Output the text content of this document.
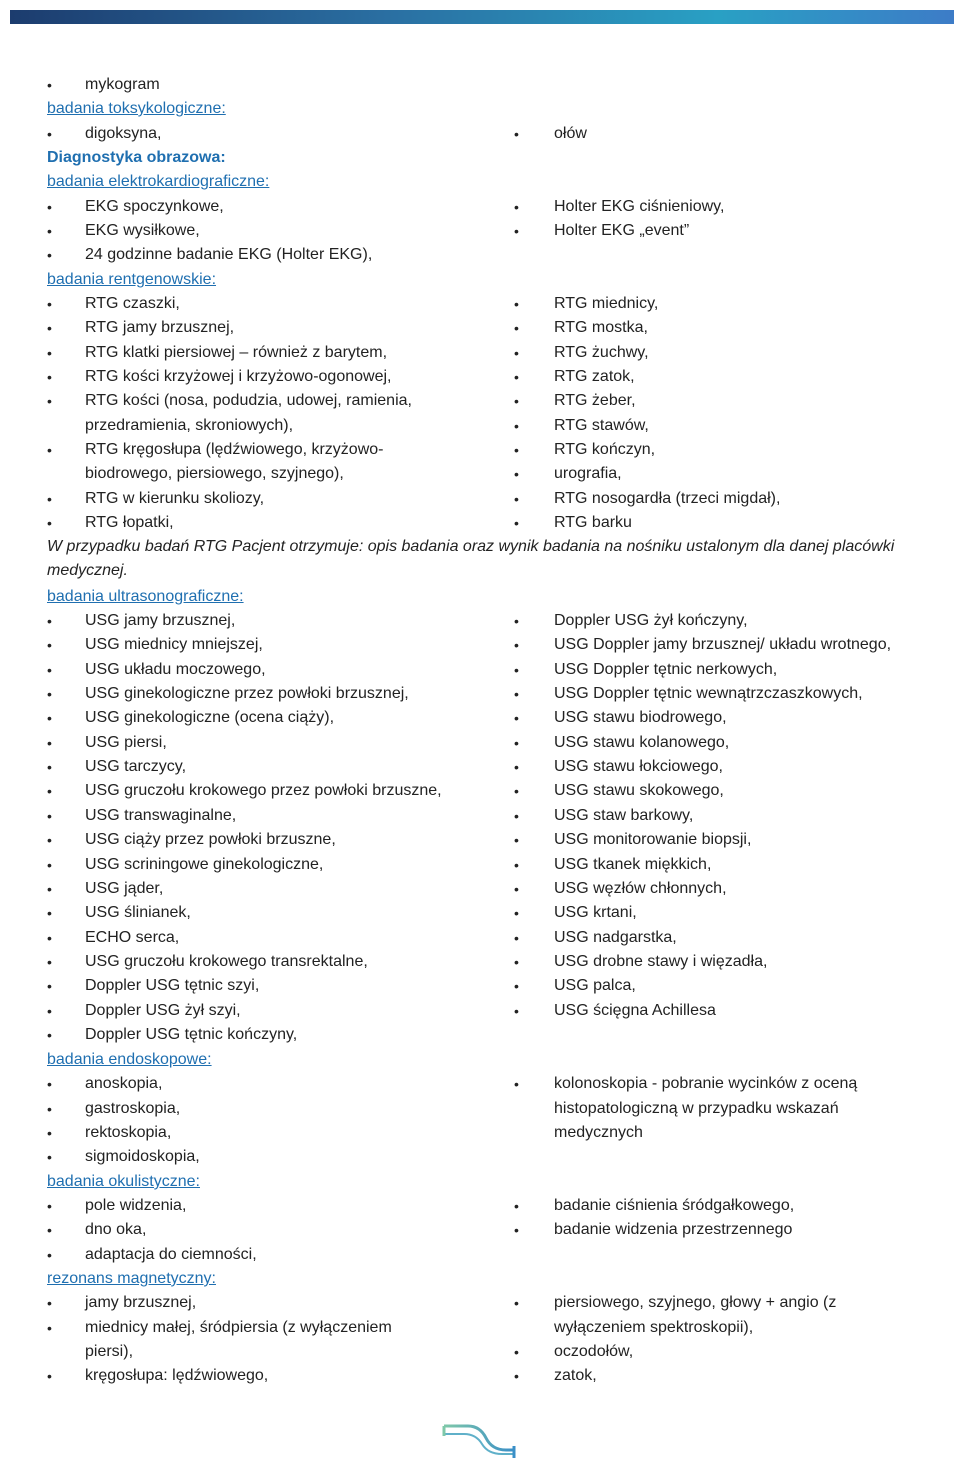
• mykogram
badania toksykologiczne:
• digoksyna,
•	ołów
Diagnostyka obrazowa:
badania elektrokardiograficzne:
• EKG spoczynkowe,
• EKG wysiłkowe,
• 24 godzinne badanie EKG (Holter EKG),
• Holter EKG ciśnieniowy,
• Holter EKG „event”
badania rentgenowskie:
• RTG czaszki,
• RTG jamy brzusznej,
• RTG klatki piersiowej – również z barytem,
• RTG kości krzyżowej i krzyżowo-ogonowej,
• RTG kości (nosa, podudzia, udowej, ramienia,
przedramienia, skroniowych),
• RTG kręgosłupa (lędźwiowego, krzyżowo-
biodrowego, piersiowego, szyjnego),
• RTG w kierunku skoliozy,
• RTG łopatki,
• RTG miednicy,
• RTG mostka,
• RTG żuchwy,
• RTG zatok,
• RTG żeber,
• RTG stawów,
• RTG kończyn,
• urografia,
• RTG nosogardła (trzeci migdał),
• RTG barku
W przypadku badań RTG Pacjent otrzymuje: opis badania oraz wynik badania na nośniku ustalonym dla danej placówki medycznej.
badania ultrasonograficzne:
• USG jamy brzusznej,
• USG miednicy mniejszej,
• USG układu moczowego,
• USG ginekologiczne przez powłoki brzusznej,
• USG ginekologiczne (ocena ciąży),
• USG piersi,
• USG tarczycy,
• USG gruczołu krokowego przez powłoki brzuszne,
• USG transwaginalne,
• USG ciąży przez powłoki brzuszne,
• USG scriningowe ginekologiczne,
• USG jąder,
• USG ślinianek,
• ECHO serca,
• USG gruczołu krokowego transrektalne,
• Doppler USG tętnic szyi,
• Doppler USG żył szyi,
• Doppler USG tętnic kończyny,
• Doppler USG żył kończyny,
• USG Doppler jamy brzusznej/ układu wrotnego,
• USG Doppler tętnic nerkowych,
• USG Doppler tętnic wewnątrzczaszkowych,
• USG stawu biodrowego,
• USG stawu kolanowego,
• USG stawu łokciowego,
• USG stawu skokowego,
• USG staw barkowy,
• USG monitorowanie biopsji,
• USG tkanek miękkich,
• USG węzłów chłonnych,
• USG krtani,
• USG nadgarstka,
• USG drobne stawy i więzadła,
• USG palca,
• USG ścięgna Achillesa
badania endoskopowe:
• anoskopia,
• gastroskopia,
• rektoskopia,
• sigmoidoskopia,
• kolonoskopia - pobranie wycinków z oceną
histopatologiczną w przypadku wskazań
medycznych
badania okulistyczne:
• pole widzenia,
• dno oka,
• adaptacja do ciemności,
• badanie ciśnienia śródgałkowego,
• badanie widzenia przestrzennego
rezonans magnetyczny:
• jamy brzusznej,
• miednicy małej, śródpiersia (z wyłączeniem
piersi),
• kręgosłupa: lędźwiowego,
• piersiowego, szyjnego, głowy + angio (z
wyłączeniem spektroskopii),
• oczodołów,
• zatok,
